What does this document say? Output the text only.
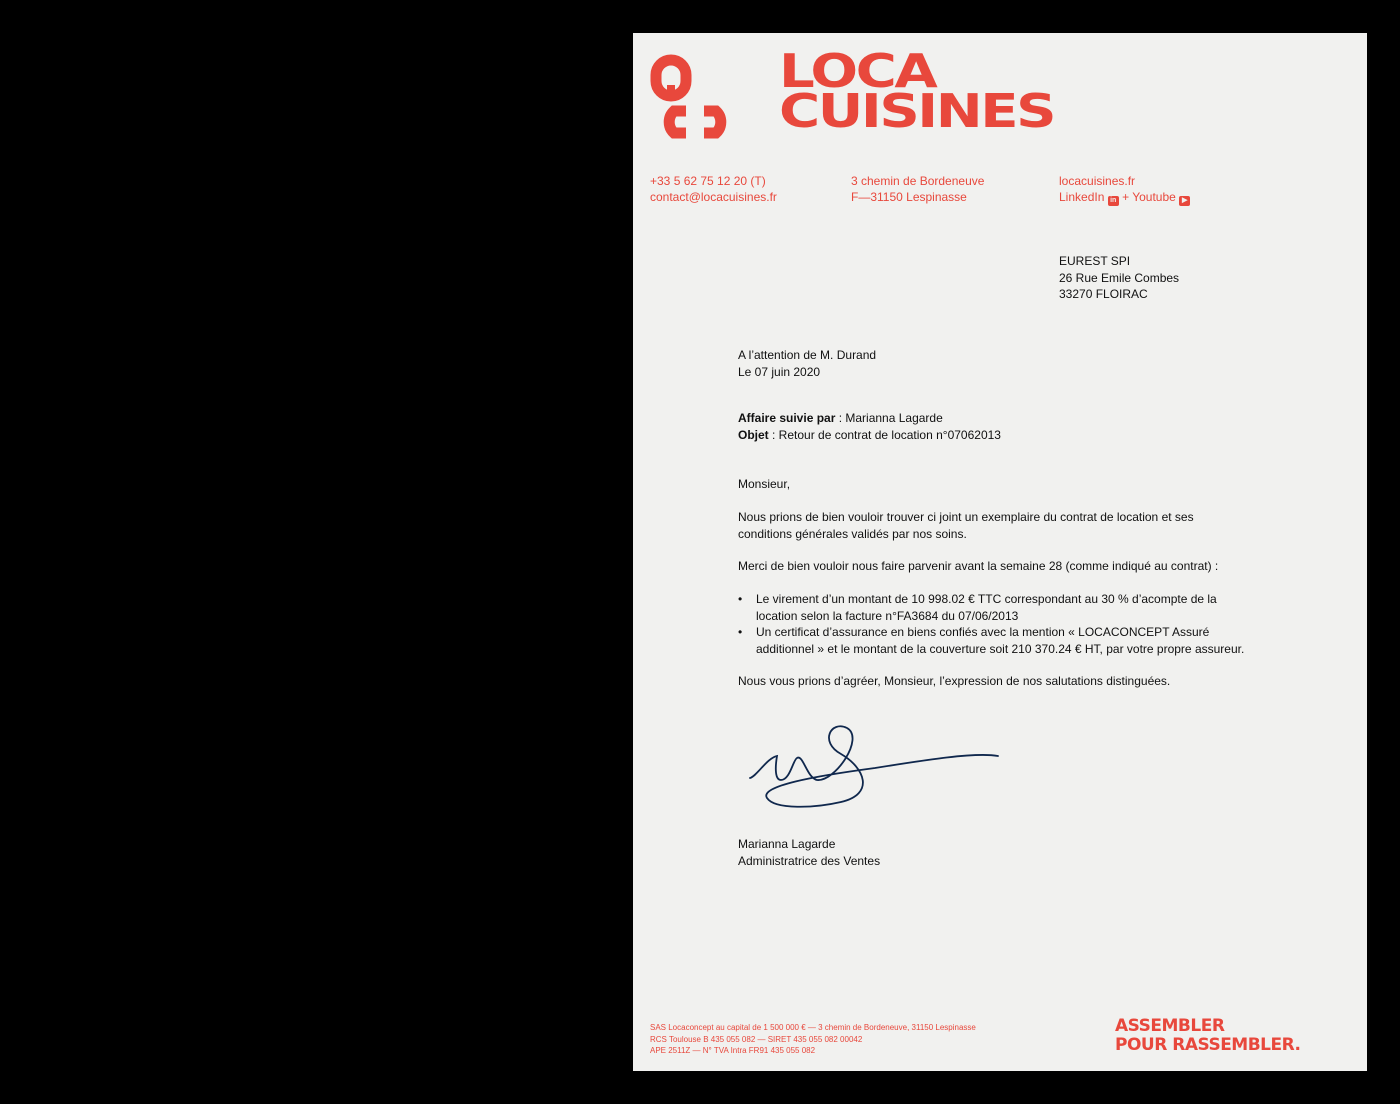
LOCA
CUISINES
+33 5 62 75 12 20 (T)
contact@locacuisines.fr
3 chemin de Bordeneuve
F—31150 Lespinasse
locacuisines.fr
LinkedIn in + Youtube ▶
EUREST SPI
26 Rue Emile Combes
33270 FLOIRAC
A l’attention de M. Durand
Le 07 juin 2020
Affaire suivie par : Marianna Lagarde
Objet : Retour de contrat de location n°07062013
Monsieur,
Nous prions de bien vouloir trouver ci joint un exemplaire du contrat de location et ses
conditions générales validés par nos soins.
Merci de bien vouloir nous faire parvenir avant la semaine 28 (comme indiqué au contrat) :
• Le virement d’un montant de 10 998.02 € TTC correspondant au 30 % d’acompte de la
location selon la facture n°FA3684 du 07/06/2013
• Un certificat d’assurance en biens confiés avec la mention « LOCACONCEPT Assuré
additionnel » et le montant de la couverture soit 210 370.24 € HT, par votre propre assureur.
Nous vous prions d’agréer, Monsieur, l’expression de nos salutations distinguées.
Marianna Lagarde
Administratrice des Ventes
SAS Locaconcept au capital de 1 500 000 € — 3 chemin de Bordeneuve, 31150 Lespinasse
RCS Toulouse B 435 055 082 — SIRET 435 055 082 00042
APE 2511Z — N° TVA Intra FR91 435 055 082
ASSEMBLER
POUR RASSEMBLER.
